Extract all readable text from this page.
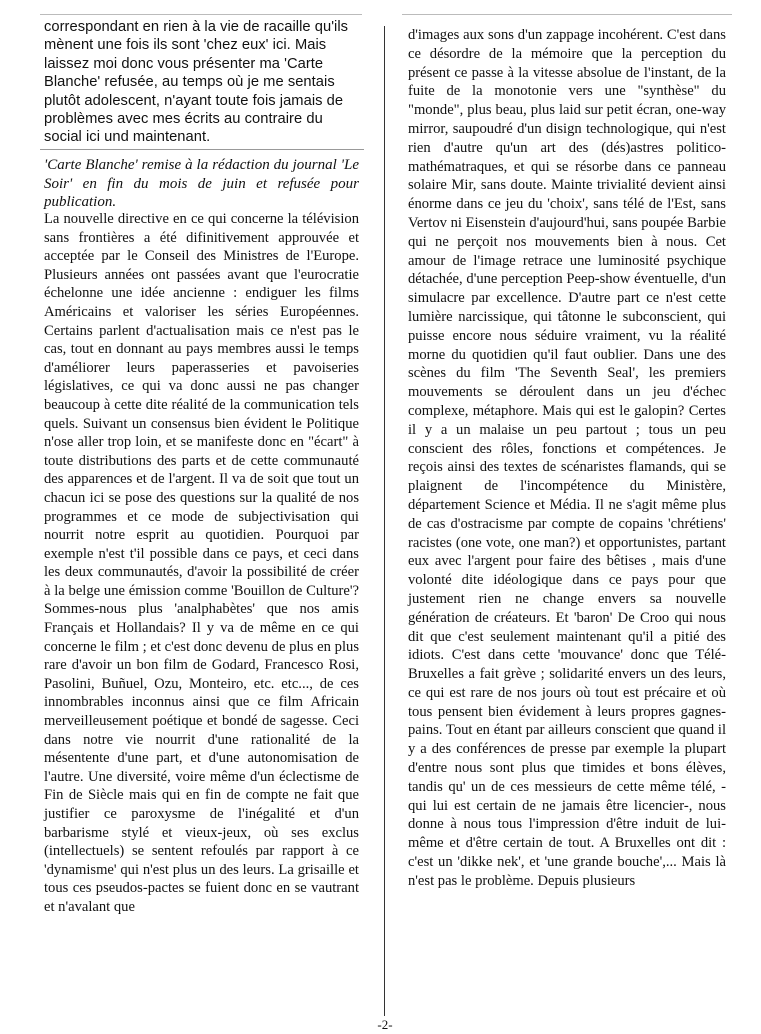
correspondant en rien à la vie de racaille qu'ils mènent une fois ils sont 'chez eux' ici. Mais laissez moi donc vous présenter ma 'Carte Blanche' refusée, au temps où je me sentais plutôt adolescent, n'ayant toute fois jamais de problèmes avec mes écrits au contraire du social ici und maintenant.

'Carte Blanche' remise à la rédaction du journal 'Le Soir' en fin du mois de juin et refusée pour publication.

La nouvelle directive en ce qui concerne la télévision sans frontières a été difinitivement approuvée et acceptée par le Conseil des Ministres de l'Europe. Plusieurs années ont passées avant que l'eurocratie échelonne une idée ancienne : endiguer les films Américains et valoriser les séries Européennes. Certains parlent d'actualisation mais ce n'est pas le cas, tout en donnant au pays membres aussi le temps d'améliorer leurs paperasseries et pavoiseries législatives, ce qui va donc aussi ne pas changer beaucoup à cette dite réalité de la communication tels quels. Suivant un consensus bien évident le Politique n'ose aller trop loin, et se manifeste donc en "écart" à toute distributions des parts et de cette communauté des apparences et de l'argent. Il va de soit que tout un chacun ici se pose des questions sur la qualité de nos programmes et ce mode de subjectivisation qui nourrit notre esprit au quotidien. Pourquoi par exemple n'est t'il possible dans ce pays, et ceci dans les deux communautés, d'avoir la possibilité de créer à la belge une émission comme 'Bouillon de Culture'? Sommes-nous plus 'analphabètes' que nos amis Français et Hollandais? Il y va de même en ce qui concerne le film ; et c'est donc devenu de plus en plus rare d'avoir un bon film de Godard, Francesco Rosi, Pasolini, Buñuel, Ozu, Monteiro, etc. etc..., de ces innombrables inconnus ainsi que ce film Africain merveilleusement poétique et bondé de sagesse. Ceci dans notre vie nourrit d'une rationalité de la mésentente d'une part, et d'une autonomisation de l'autre. Une diversité, voire même d'un éclectisme de Fin de Siècle mais qui en fin de compte ne fait que justifier ce paroxysme de l'inégalité et d'un barbarisme stylé et vieux-jeux, où ses exclus (intellectuels) se sentent refoulés par rapport à ce 'dynamisme' qui n'est plus un des leurs. La grisaille et tous ces pseudos-pactes se fuient donc en se vautrant et n'avalant que

d'images aux sons d'un zappage incohérent. C'est dans ce désordre de la mémoire que la perception du présent ce passe à la vitesse absolue de l'instant, de la fuite de la monotonie vers une "synthèse" du "monde", plus beau, plus laid sur petit écran, one-way mirror, saupoudré d'un disign technologique, qui n'est rien d'autre qu'un art des (dés)astres politico-mathématraques, et qui se résorbe dans ce panneau solaire Mir, sans doute. Mainte trivialité devient ainsi énorme dans ce jeu du 'choix', sans télé de l'Est, sans Vertov ni Eisenstein d'aujourd'hui, sans poupée Barbie qui ne perçoit nos mouvements bien à nous. Cet amour de l'image retrace une luminosité psychique détachée, d'une perception Peep-show éventuelle, d'un simulacre par excellence. D'autre part ce n'est cette lumière narcissique, qui tâtonne le subconscient, qui puisse encore nous séduire vraiment, vu la réalité morne du quotidien qu'il faut oublier. Dans une des scènes du film 'The Seventh Seal', les premiers mouvements se déroulent dans un jeu d'échec complexe, métaphore. Mais qui est le galopin? Certes il y a un malaise un peu partout ; tous un peu conscient des rôles, fonctions et compétences. Je reçois ainsi des textes de scénaristes flamands, qui se plaignent de l'incompétence du Ministère, département Science et Média. Il ne s'agit même plus de cas d'ostracisme par compte de copains 'chrétiens' racistes (one vote, one man?) et opportunistes, partant eux avec l'argent pour faire des bêtises , mais d'une volonté dite idéologique dans ce pays pour que justement rien ne change envers sa nouvelle génération de créateurs. Et 'baron' De Croo qui nous dit que c'est seulement maintenant qu'il a pitié des idiots. C'est dans cette 'mouvance' donc que Télé-Bruxelles a fait grève ; solidarité envers un des leurs, ce qui est rare de nos jours où tout est précaire et où tous pensent bien évidement à leurs propres gagnes-pains. Tout en étant par ailleurs conscient que quand il y a des conférences de presse par exemple la plupart d'entre nous sont plus que timides et bons élèves, tandis qu' un de ces messieurs de cette même télé, -qui lui est certain de ne jamais être licencier-, nous donne à nous tous l'impression d'être induit de lui-même et d'être certain de tout. A Bruxelles ont dit : c'est un 'dikke nek', et 'une grande bouche',... Mais là n'est pas le problème. Depuis plusieurs

-2-
